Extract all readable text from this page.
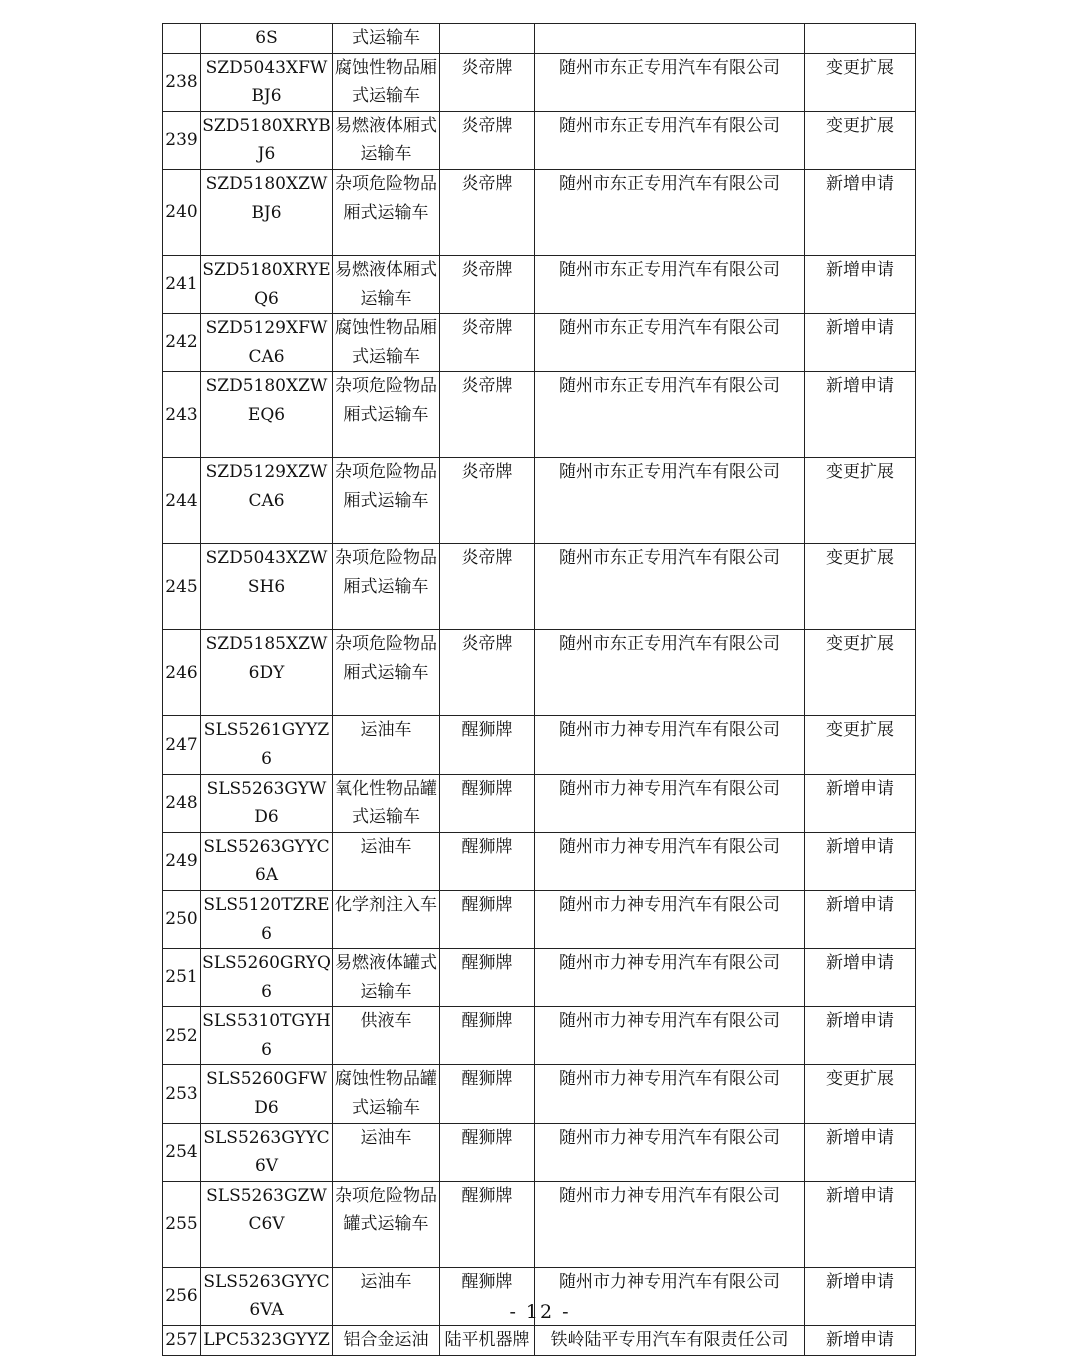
	6S	式运输车			
238	SZD5043XFWBJ6	腐蚀性物品厢式运输车	炎帝牌	随州市东正专用汽车有限公司	变更扩展
239	SZD5180XRYBJ6	易燃液体厢式运输车	炎帝牌	随州市东正专用汽车有限公司	变更扩展
240	SZD5180XZWBJ6	杂项危险物品厢式运输车	炎帝牌	随州市东正专用汽车有限公司	新增申请
241	SZD5180XRYEQ6	易燃液体厢式运输车	炎帝牌	随州市东正专用汽车有限公司	新增申请
242	SZD5129XFWCA6	腐蚀性物品厢式运输车	炎帝牌	随州市东正专用汽车有限公司	新增申请
243	SZD5180XZWEQ6	杂项危险物品厢式运输车	炎帝牌	随州市东正专用汽车有限公司	新增申请
244	SZD5129XZWCA6	杂项危险物品厢式运输车	炎帝牌	随州市东正专用汽车有限公司	变更扩展
245	SZD5043XZWSH6	杂项危险物品厢式运输车	炎帝牌	随州市东正专用汽车有限公司	变更扩展
246	SZD5185XZW6DY	杂项危险物品厢式运输车	炎帝牌	随州市东正专用汽车有限公司	变更扩展
247	SLS5261GYYZ6	运油车	醒狮牌	随州市力神专用汽车有限公司	变更扩展
248	SLS5263GYWD6	氧化性物品罐式运输车	醒狮牌	随州市力神专用汽车有限公司	新增申请
249	SLS5263GYYC6A	运油车	醒狮牌	随州市力神专用汽车有限公司	新增申请
250	SLS5120TZRE6	化学剂注入车	醒狮牌	随州市力神专用汽车有限公司	新增申请
251	SLS5260GRYQ6	易燃液体罐式运输车	醒狮牌	随州市力神专用汽车有限公司	新增申请
252	SLS5310TGYH6	供液车	醒狮牌	随州市力神专用汽车有限公司	新增申请
253	SLS5260GFWD6	腐蚀性物品罐式运输车	醒狮牌	随州市力神专用汽车有限公司	变更扩展
254	SLS5263GYYC6V	运油车	醒狮牌	随州市力神专用汽车有限公司	新增申请
255	SLS5263GZWC6V	杂项危险物品罐式运输车	醒狮牌	随州市力神专用汽车有限公司	新增申请
256	SLS5263GYYC6VA	运油车	醒狮牌	随州市力神专用汽车有限公司	新增申请
257	LPC5323GYYZ	铝合金运油	陆平机器牌	铁岭陆平专用汽车有限责任公司	新增申请
- 12 -
